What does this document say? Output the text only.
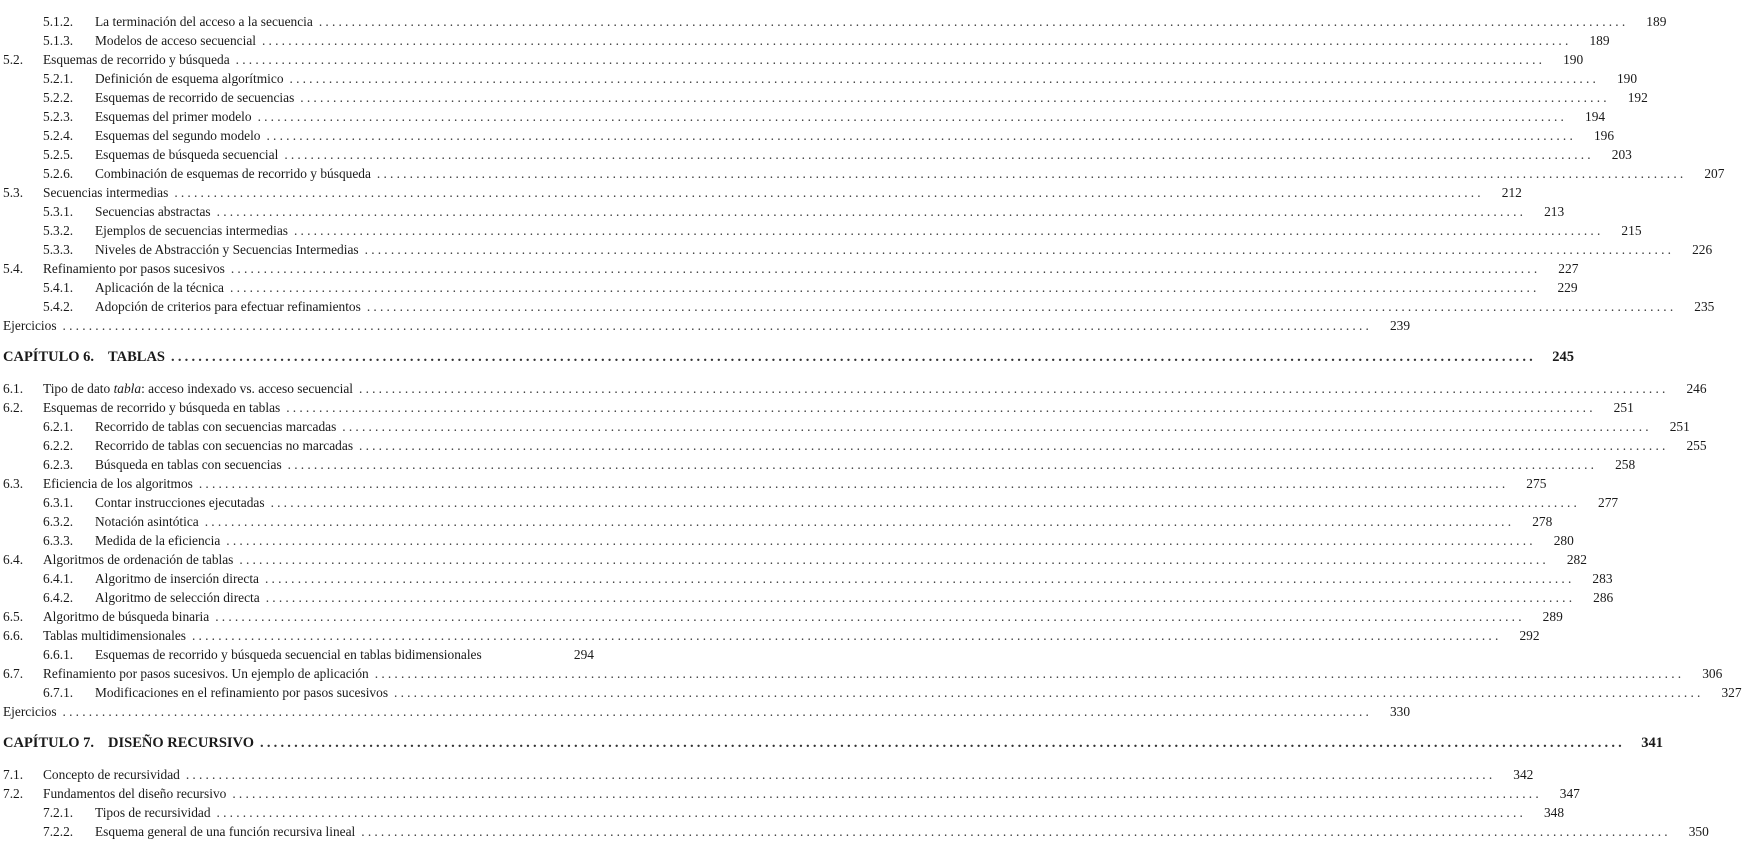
5.1.2.	La terminación del acceso a la secuencia ........................................................................................................................................................................................................	189
5.1.3.	Modelos de acceso secuencial ........................................................................................................................................................................................................	189
5.2.	Esquemas de recorrido y búsqueda ........................................................................................................................................................................................................	190
5.2.1.	Definición de esquema algorítmico ........................................................................................................................................................................................................	190
5.2.2.	Esquemas de recorrido de secuencias ........................................................................................................................................................................................................	192
5.2.3.	Esquemas del primer modelo ........................................................................................................................................................................................................	194
5.2.4.	Esquemas del segundo modelo ........................................................................................................................................................................................................	196
5.2.5.	Esquemas de búsqueda secuencial ........................................................................................................................................................................................................	203
5.2.6.	Combinación de esquemas de recorrido y búsqueda ........................................................................................................................................................................................................	207
5.3.	Secuencias intermedias ........................................................................................................................................................................................................	212
5.3.1.	Secuencias abstractas ........................................................................................................................................................................................................	213
5.3.2.	Ejemplos de secuencias intermedias ........................................................................................................................................................................................................	215
5.3.3.	Niveles de Abstracción y Secuencias Intermedias ........................................................................................................................................................................................................	226
5.4.	Refinamiento por pasos sucesivos ........................................................................................................................................................................................................	227
5.4.1.	Aplicación de la técnica ........................................................................................................................................................................................................	229
5.4.2.	Adopción de criterios para efectuar refinamientos ........................................................................................................................................................................................................	235
Ejercicios ........................................................................................................................................................................................................	239
CAPÍTULO 6. TABLAS ........................................................................................................................................................................................................	245
6.1.	Tipo de dato tabla: acceso indexado vs. acceso secuencial ........................................................................................................................................................................................................	246
6.2.	Esquemas de recorrido y búsqueda en tablas ........................................................................................................................................................................................................	251
6.2.1.	Recorrido de tablas con secuencias marcadas ........................................................................................................................................................................................................	251
6.2.2.	Recorrido de tablas con secuencias no marcadas ........................................................................................................................................................................................................	255
6.2.3.	Búsqueda en tablas con secuencias ........................................................................................................................................................................................................	258
6.3.	Eficiencia de los algoritmos ........................................................................................................................................................................................................	275
6.3.1.	Contar instrucciones ejecutadas ........................................................................................................................................................................................................	277
6.3.2.	Notación asintótica ........................................................................................................................................................................................................	278
6.3.3.	Medida de la eficiencia ........................................................................................................................................................................................................	280
6.4.	Algoritmos de ordenación de tablas ........................................................................................................................................................................................................	282
6.4.1.	Algoritmo de inserción directa ........................................................................................................................................................................................................	283
6.4.2.	Algoritmo de selección directa ........................................................................................................................................................................................................	286
6.5.	Algoritmo de búsqueda binaria ........................................................................................................................................................................................................	289
6.6.	Tablas multidimensionales ........................................................................................................................................................................................................	292
6.6.1.	Esquemas de recorrido y búsqueda secuencial en tablas bidimensionales	294
6.7.	Refinamiento por pasos sucesivos. Un ejemplo de aplicación ........................................................................................................................................................................................................	306
6.7.1.	Modificaciones en el refinamiento por pasos sucesivos ........................................................................................................................................................................................................	327
Ejercicios ........................................................................................................................................................................................................	330
CAPÍTULO 7. DISEÑO RECURSIVO ........................................................................................................................................................................................................	341
7.1.	Concepto de recursividad ........................................................................................................................................................................................................	342
7.2.	Fundamentos del diseño recursivo ........................................................................................................................................................................................................	347
7.2.1.	Tipos de recursividad ........................................................................................................................................................................................................	348
7.2.2.	Esquema general de una función recursiva lineal ........................................................................................................................................................................................................	350
